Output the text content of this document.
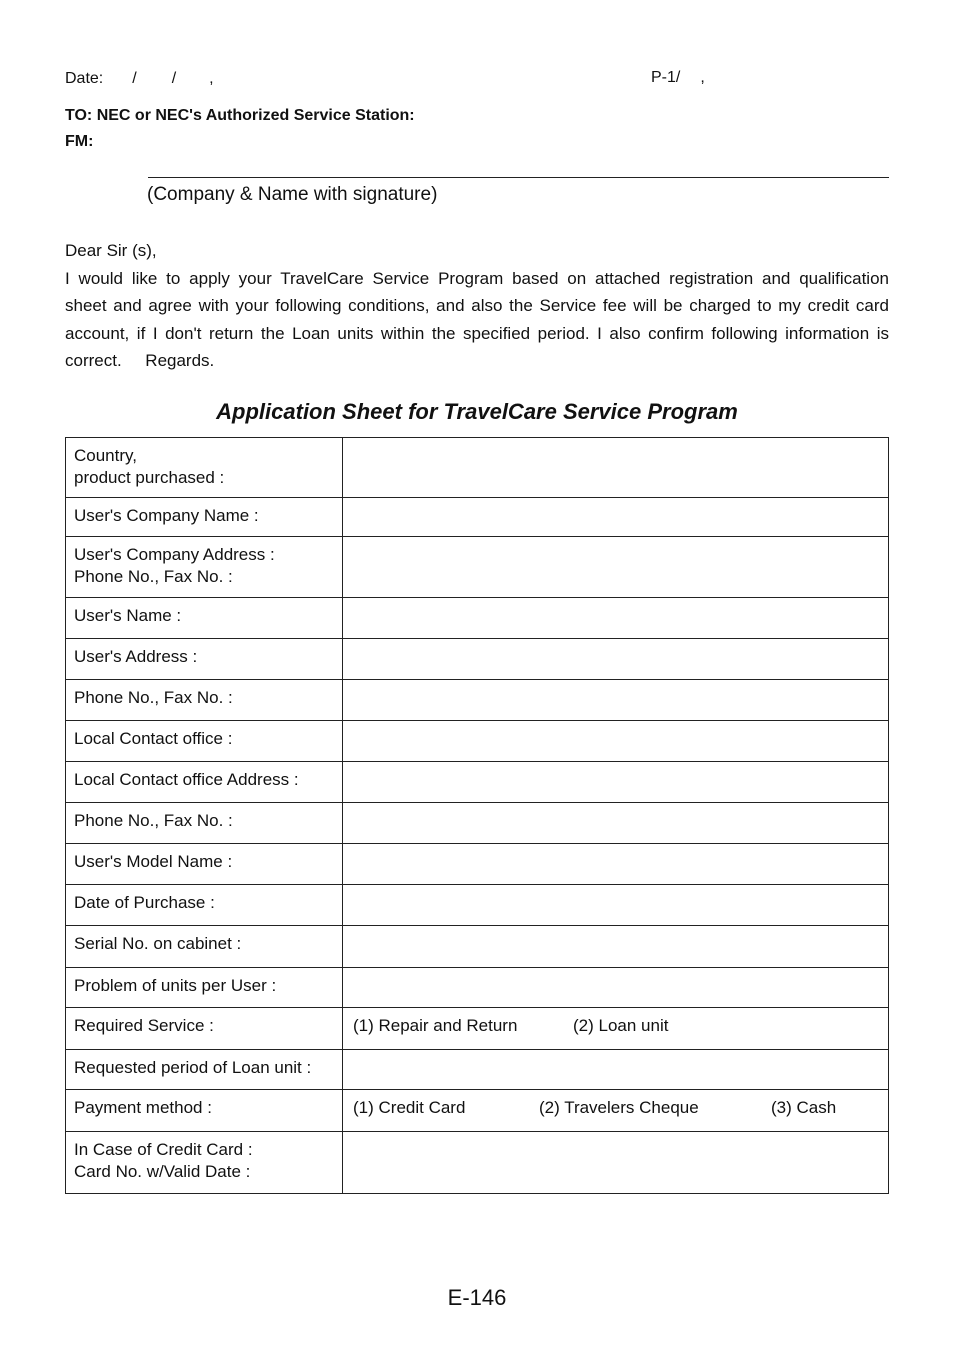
Date: / / ,	P-1/ ,
TO: NEC or NEC's Authorized Service Station:
FM:
(Company & Name with signature)
Dear Sir (s),
I would like to apply your TravelCare Service Program based on attached registration and qualification
sheet and agree with your following conditions, and also the Service fee will be charged to my credit card
account, if I don't return the Loan units within the specified period. I also confirm following information is
correct.     Regards.
Application Sheet for TravelCare Service Program
Country,
product purchased :	

User's Company Name :	

User's Company Address :
Phone No., Fax No. :	

User's Name :	

User's Address :	

Phone No., Fax No. :	

Local Contact office :	

Local Contact office Address :	

Phone No., Fax No. :	

User's Model Name :	

Date of Purchase :	

Serial No. on cabinet :	

Problem of units per User :	

Required Service :	(1) Repair and Return (2) Loan unit

Requested period of Loan unit :	

Payment method :	(1) Credit Card (2) Travelers Cheque (3) Cash

In Case of Credit Card :
Card No. w/Valid Date :	

E-146
